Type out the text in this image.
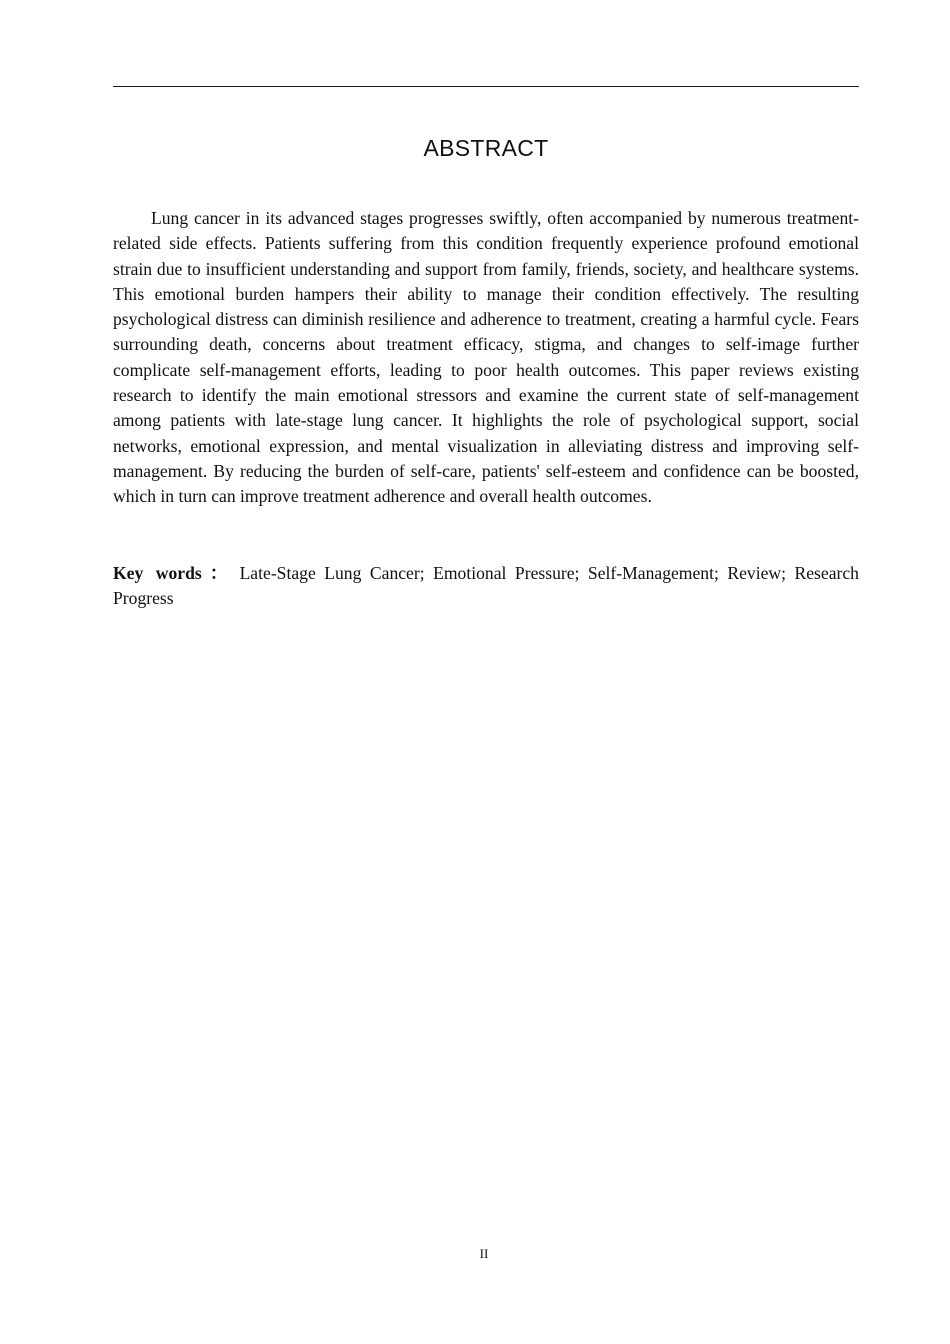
ABSTRACT

Lung cancer in its advanced stages progresses swiftly, often accompanied by numerous treatment-related side effects. Patients suffering from this condition frequently experience profound emotional strain due to insufficient understanding and support from family, friends, society, and healthcare systems. This emotional burden hampers their ability to manage their condition effectively. The resulting psychological distress can diminish resilience and adherence to treatment, creating a harmful cycle. Fears surrounding death, concerns about treatment efficacy, stigma, and changes to self-image further complicate self-management efforts, leading to poor health outcomes. This paper reviews existing research to identify the main emotional stressors and examine the current state of self-management among patients with late-stage lung cancer. It highlights the role of psychological support, social networks, emotional expression, and mental visualization in alleviating distress and improving self-management. By reducing the burden of self-care, patients' self-esteem and confidence can be boosted, which in turn can improve treatment adherence and overall health outcomes.

Key words ： Late-Stage Lung Cancer; Emotional Pressure; Self-Management; Review; Research Progress

II
